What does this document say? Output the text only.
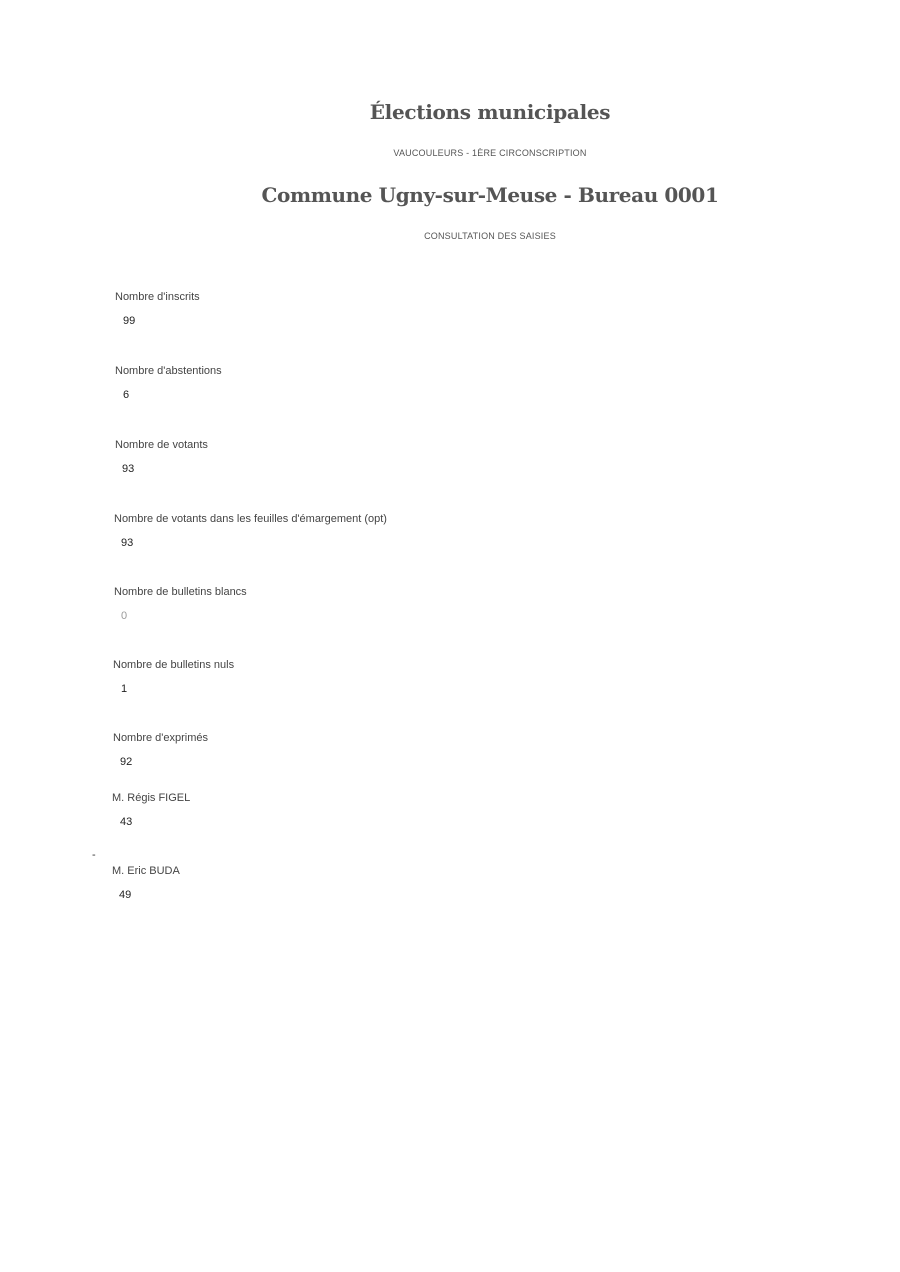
Élections municipales
VAUCOULEURS - 1ÈRE CIRCONSCRIPTION
Commune Ugny-sur-Meuse - Bureau 0001
CONSULTATION DES SAISIES
Nombre d'inscrits
99
Nombre d'abstentions
6
Nombre de votants
93
Nombre de votants dans les feuilles d'émargement (opt)
93
Nombre de bulletins blancs
0
Nombre de bulletins nuls
1
Nombre d'exprimés
92
M. Régis FIGEL
43
-
M. Eric BUDA
49
